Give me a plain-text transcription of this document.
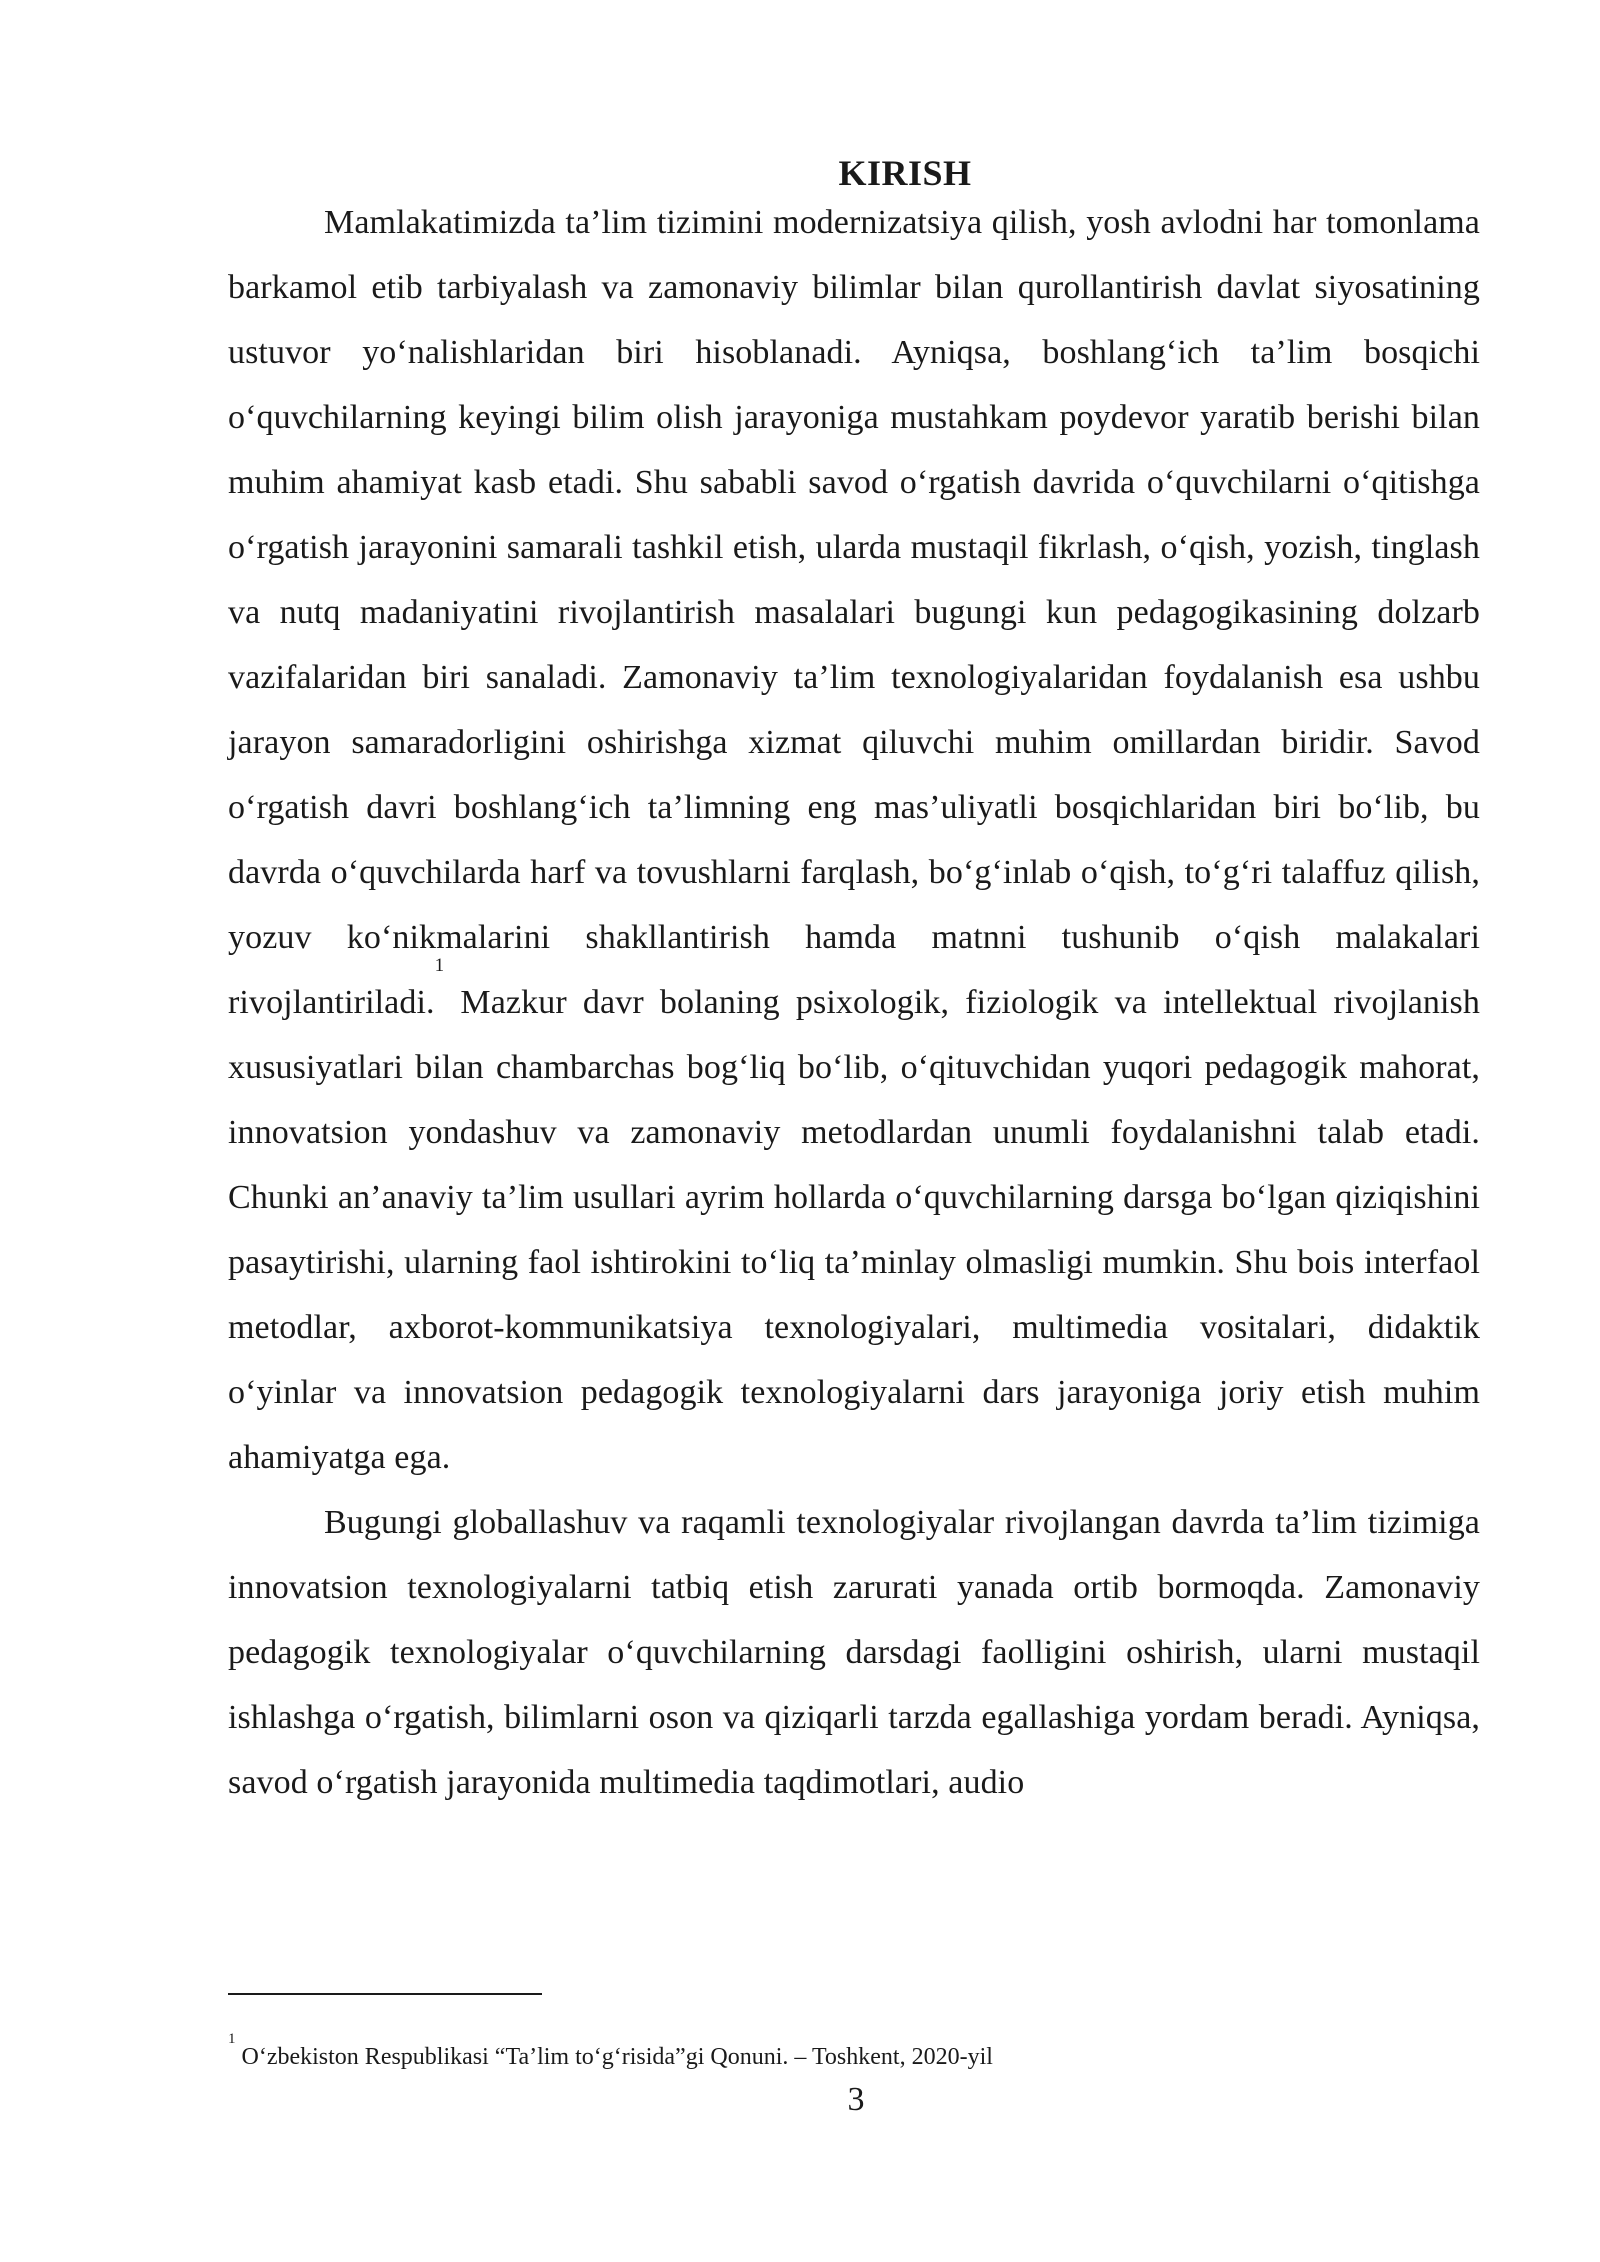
KIRISH

Mamlakatimizda ta’lim tizimini modernizatsiya qilish, yosh avlodni har tomonlama barkamol etib tarbiyalash va zamonaviy bilimlar bilan qurollantirish davlat siyosatining ustuvor yo‘nalishlaridan biri hisoblanadi. Ayniqsa, boshlang‘ich ta’lim bosqichi o‘quvchilarning keyingi bilim olish jarayoniga mustahkam poydevor yaratib berishi bilan muhim ahamiyat kasb etadi. Shu sababli savod o‘rgatish davrida o‘quvchilarni o‘qitishga o‘rgatish jarayonini samarali tashkil etish, ularda mustaqil fikrlash, o‘qish, yozish, tinglash va nutq madaniyatini rivojlantirish masalalari bugungi kun pedagogikasining dolzarb vazifalaridan biri sanaladi. Zamonaviy ta’lim texnologiyalaridan foydalanish esa ushbu jarayon samaradorligini oshirishga xizmat qiluvchi muhim omillardan biridir. Savod o‘rgatish davri boshlang‘ich ta’limning eng mas’uliyatli bosqichlaridan biri bo‘lib, bu davrda o‘quvchilarda harf va tovushlarni farqlash, bo‘g‘inlab o‘qish, to‘g‘ri talaffuz qilish, yozuv ko‘nikmalarini shakllantirish hamda matnni tushunib o‘qish malakalari rivojlantiriladi.$^1$ Mazkur davr bolaning psixologik, fiziologik va intellektual rivojlanish xususiyatlari bilan chambarchas bog‘liq bo‘lib, o‘qituvchidan yuqori pedagogik mahorat, innovatsion yondashuv va zamonaviy metodlardan unumli foydalanishni talab etadi. Chunki an’anaviy ta’lim usullari ayrim hollarda o‘quvchilarning darsga bo‘lgan qiziqishini pasaytirishi, ularning faol ishtirokini to‘liq ta’minlay olmasligi mumkin. Shu bois interfaol metodlar, axborot-kommunikatsiya texnologiyalari, multimedia vositalari, didaktik o‘yinlar va innovatsion pedagogik texnologiyalarni dars jarayoniga joriy etish muhim ahamiyatga ega.

Bugungi globallashuv va raqamli texnologiyalar rivojlangan davrda ta’lim tizimiga innovatsion texnologiyalarni tatbiq etish zarurati yanada ortib bormoqda. Zamonaviy pedagogik texnologiyalar o‘quvchilarning darsdagi faolligini oshirish, ularni mustaqil ishlashga o‘rgatish, bilimlarni oson va qiziqarli tarzda egallashiga yordam beradi. Ayniqsa, savod o‘rgatish jarayonida multimedia taqdimotlari, audio

$^1$O‘zbekiston Respublikasi “Ta’lim to‘g‘risida”gi Qonuni. – Toshkent, 2020-yil

3
